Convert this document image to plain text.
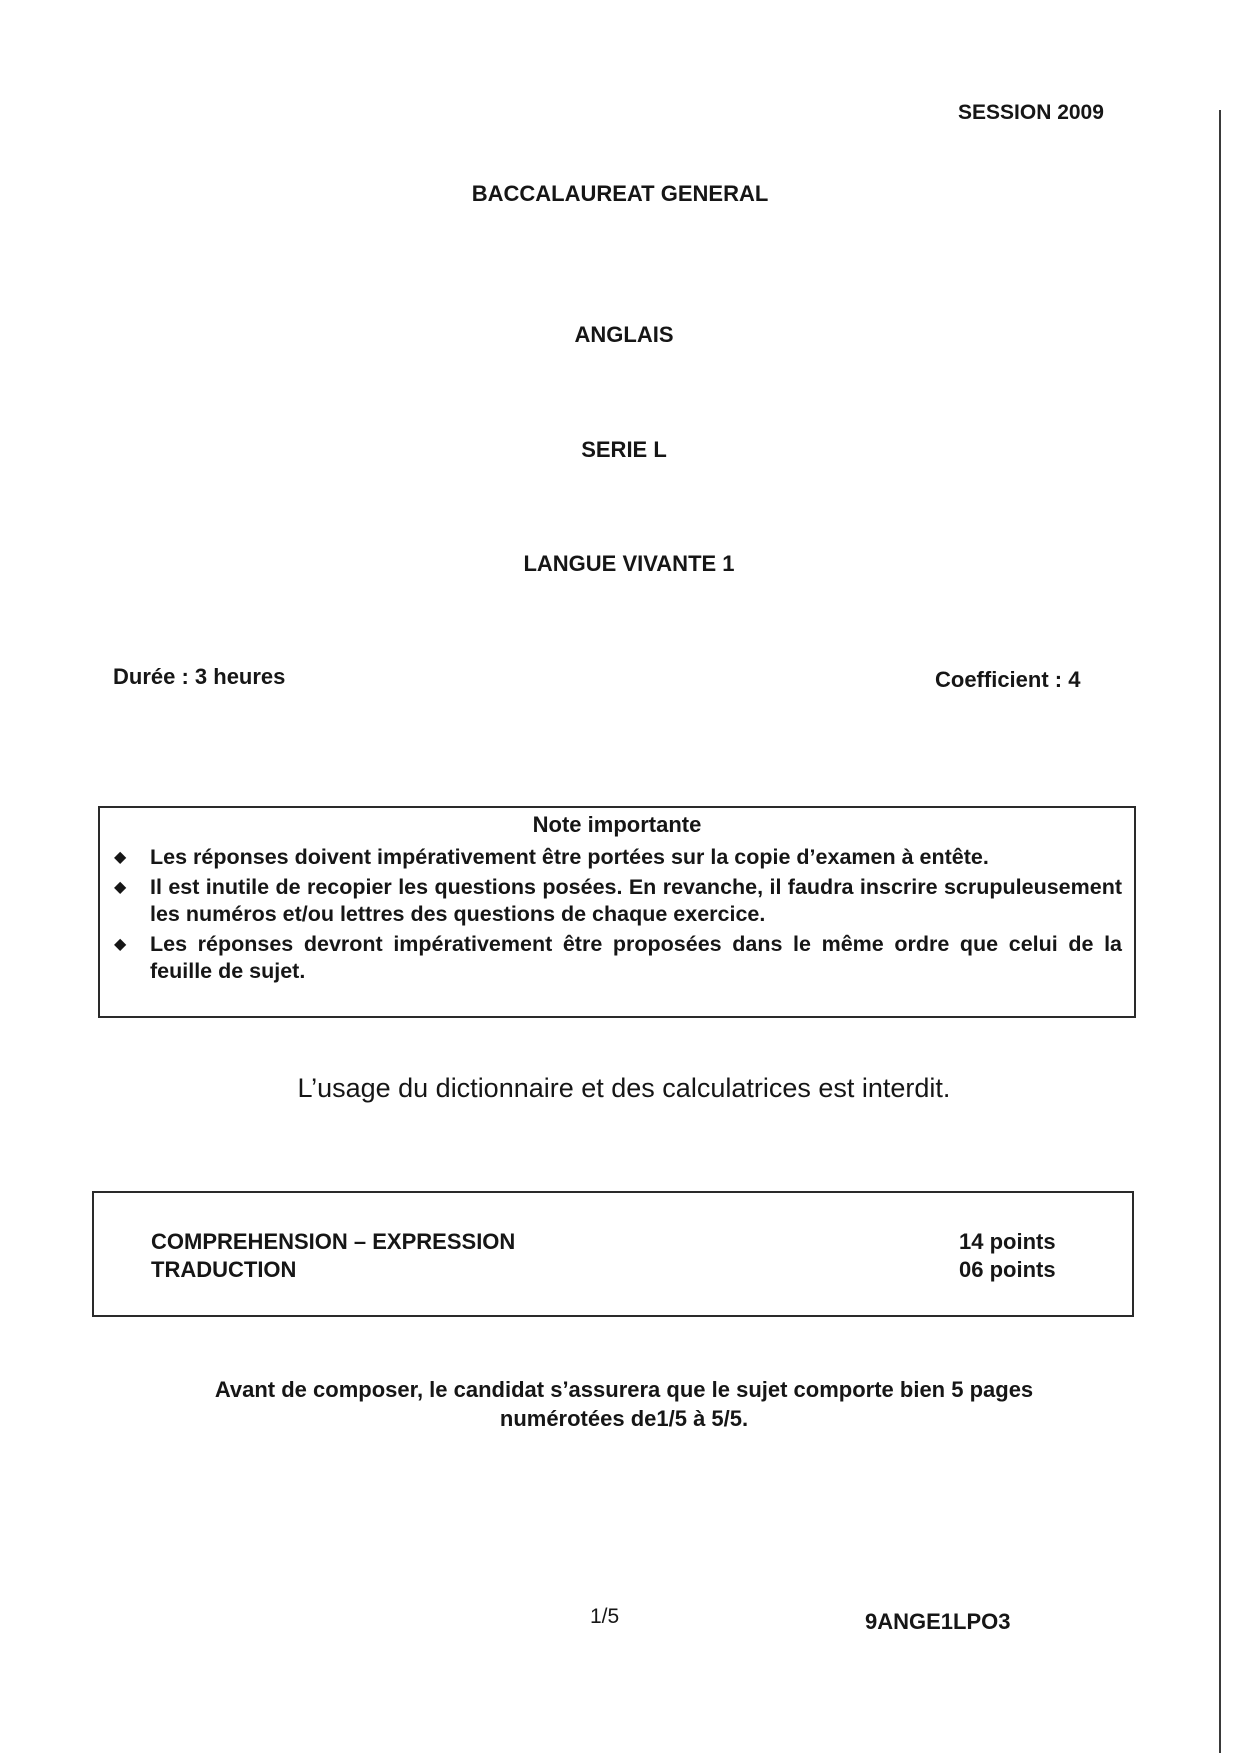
SESSION 2009
BACCALAUREAT GENERAL
ANGLAIS
SERIE L
LANGUE VIVANTE 1
Durée : 3 heures	Coefficient : 4
Note importante
◆	Les réponses doivent impérativement être portées sur la copie d’examen à entête.
◆	Il est inutile de recopier les questions posées. En revanche, il faudra inscrire scrupuleusement les numéros et/ou lettres des questions de chaque exercice.
◆	Les réponses devront impérativement être proposées dans le même ordre que celui de la feuille de sujet.
L’usage du dictionnaire et des calculatrices est interdit.
COMPREHENSION – EXPRESSION	14 points
TRADUCTION	06 points
Avant de composer, le candidat s’assurera que le sujet comporte bien 5 pages
numérotées de1/5 à 5/5.
1/5	9ANGE1LPO3
